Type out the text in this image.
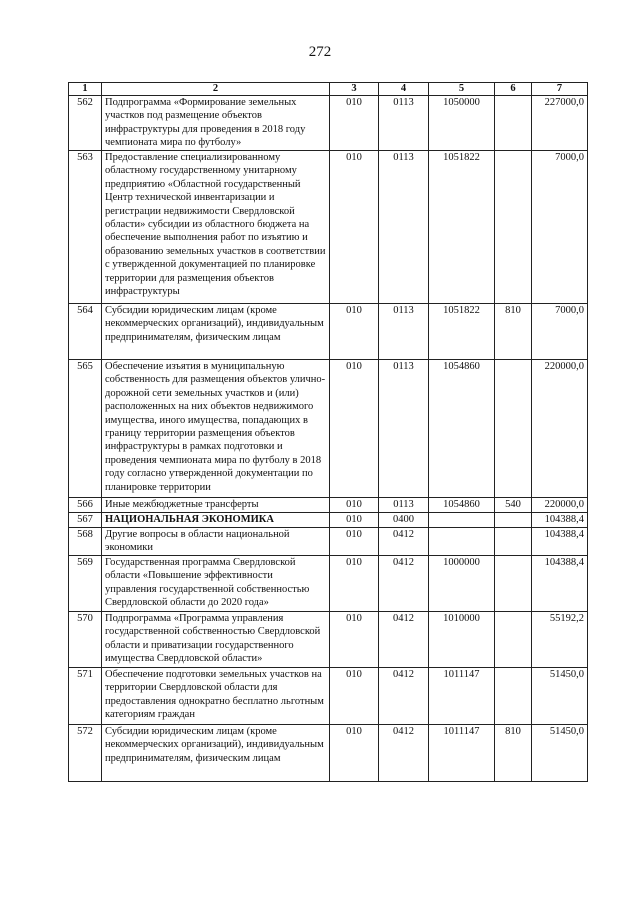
272
1	2	3	4	5	6	7
562	Подпрограмма «Формирование земельных участков под размещение объектов инфраструктуры для проведения в 2018 году чемпионата мира по футболу»	010	0113	1050000		227000,0
563	Предоставление специализированному областному государственному унитарному предприятию «Областной государственный Центр технической инвентаризации и регистрации недвижимости Свердловской области» субсидии из областного бюджета на обеспечение выполнения работ по изъятию и образованию земельных участков в соответствии с утвержденной документацией по планировке территории для размещения объектов инфраструктуры	010	0113	1051822		7000,0
564	Субсидии юридическим лицам (кроме некоммерческих организаций), индивидуальным предпринимателям, физическим лицам	010	0113	1051822	810	7000,0
565	Обеспечение изъятия в муниципальную собственность для размещения объектов улично-дорожной сети земельных участков и (или) расположенных на них объектов недвижимого имущества, иного имущества, попадающих в границу территории размещения объектов инфраструктуры в рамках подготовки и проведения чемпионата мира по футболу в 2018 году согласно утвержденной документации по планировке территории	010	0113	1054860		220000,0
566	Иные межбюджетные трансферты	010	0113	1054860	540	220000,0
567	НАЦИОНАЛЬНАЯ ЭКОНОМИКА	010	0400			104388,4
568	Другие вопросы в области национальной экономики	010	0412			104388,4
569	Государственная программа Свердловской области «Повышение эффективности управления государственной собственностью Свердловской области до 2020 года»	010	0412	1000000		104388,4
570	Подпрограмма «Программа управления государственной собственностью Свердловской области и приватизации государственного имущества Свердловской области»	010	0412	1010000		55192,2
571	Обеспечение подготовки земельных участков на территории Свердловской области для предоставления однократно бесплатно льготным категориям граждан	010	0412	1011147		51450,0
572	Субсидии юридическим лицам (кроме некоммерческих организаций), индивидуальным предпринимателям, физическим лицам	010	0412	1011147	810	51450,0
